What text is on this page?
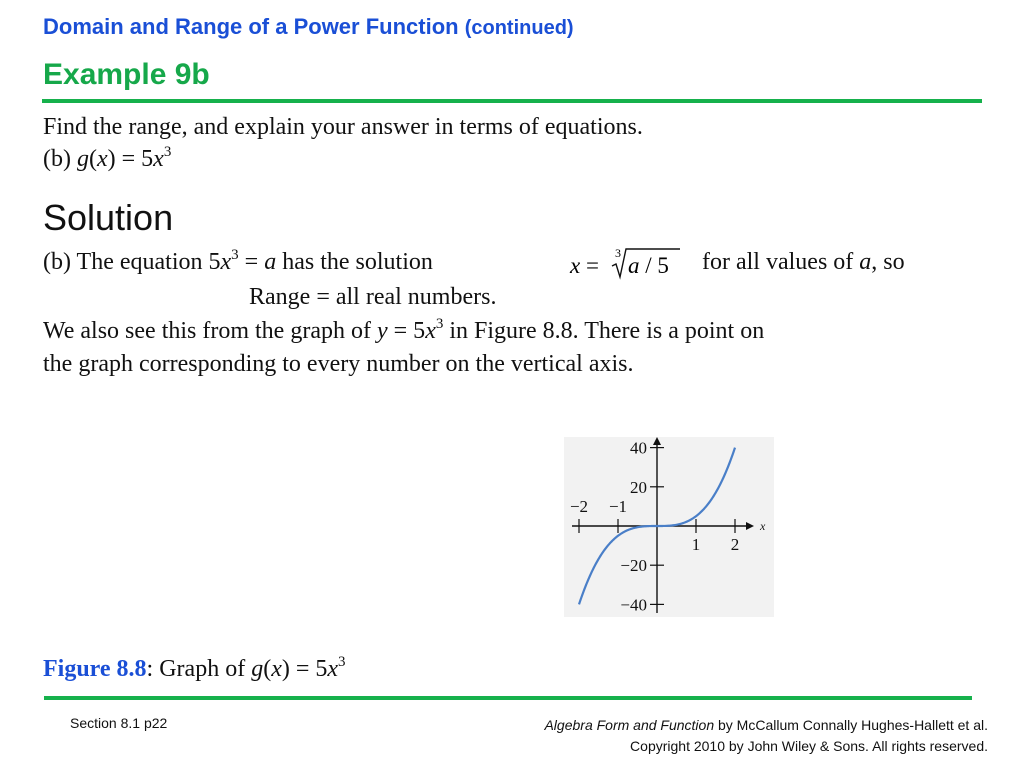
Domain and Range of a Power Function (continued)
Example 9b
Find the range, and explain your answer in terms of equations.
(b) $g(x) = 5x^3$
Solution
(b) The equation $5x^3 = a$ has the solution	x = 3 a / 5 for all values of a, so
Range = all real numbers.
We also see this from the graph of $y = 5x^3$ in Figure 8.8. There is a point on
the graph corresponding to every number on the vertical axis.
x
−2 −1
1 2
40
20
−20
−40
Figure 8.8: Graph of $g(x) = 5x^3$
Section 8.1 p22	Algebra Form and Function by McCallum Connally Hughes-Hallett et al.
Copyright 2010 by John Wiley & Sons. All rights reserved.
